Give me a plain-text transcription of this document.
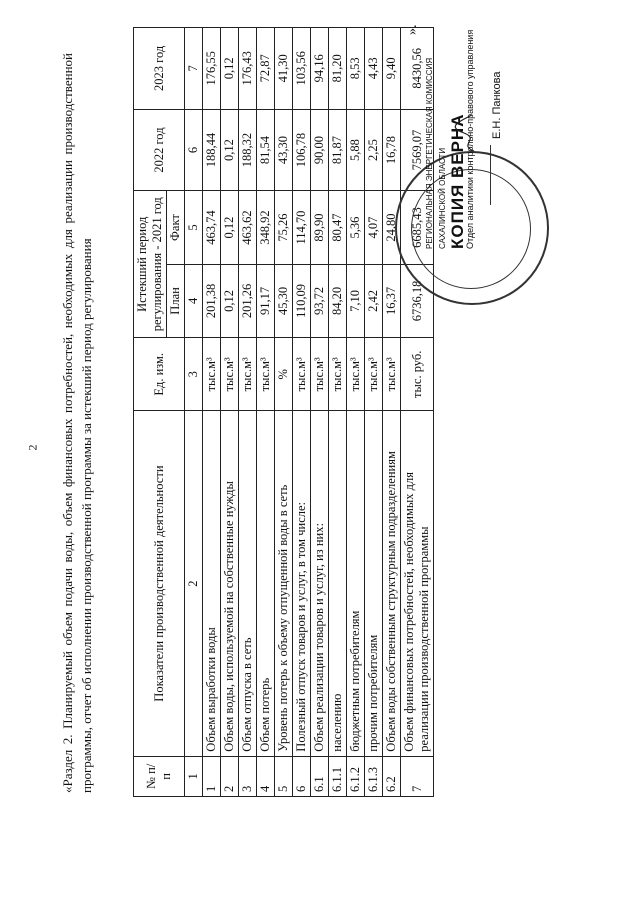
2 «Раздел 2. Планируемый объем подачи воды, объем финансовых потребностей, необходимых для реализации производственной программы, отчет об исполнении производственной программы за истекший период регулирования

№ п/п	Показатели производственной деятельности	Ед. изм.	Истекший период регулирования - 2021 год		2022 год	2023 год
			План	Факт		
1	2	3	4	5	6	7
1	Объем выработки воды	тыс.м³	201,38	463,74	188,44	176,55
2	Объем воды, используемой на собственные нужды	тыс.м³	0,12	0,12	0,12	0,12
3	Объем отпуска в сеть	тыс.м³	201,26	463,62	188,32	176,43
4	Объем потерь	тыс.м³	91,17	348,92	81,54	72,87
5	Уровень потерь к объему отпущенной воды в сеть	%	45,30	75,26	43,30	41,30
6	Полезный отпуск товаров и услуг, в том числе:	тыс.м³	110,09	114,70	106,78	103,56
6.1	Объем реализации товаров и услуг, из них:	тыс.м³	93,72	89,90	90,00	94,16
6.1.1	населению	тыс.м³	84,20	80,47	81,87	81,20
6.1.2	бюджетным потребителям	тыс.м³	7,10	5,36	5,88	8,53
6.1.3	прочим потребителям	тыс.м³	2,42	4,07	2,25	4,43
6.2	Объем воды собственным структурным подразделениям	тыс.м³	16,37	24,80	16,78	9,40
7	Объем финансовых потребностей, необходимых для реализации производственной программы	тыс. руб.	6736,18	6685,43	7569,07	8430,56
».
РЕГИОНАЛЬНАЯ ЭНЕРГЕТИЧЕСКАЯ КОМИССИЯ САХАЛИНСКОЙ ОБЛАСТИ КОПИЯ ВЕРНА
Отдел аналитики контрольно-правового управления Е.Н. Панкова
